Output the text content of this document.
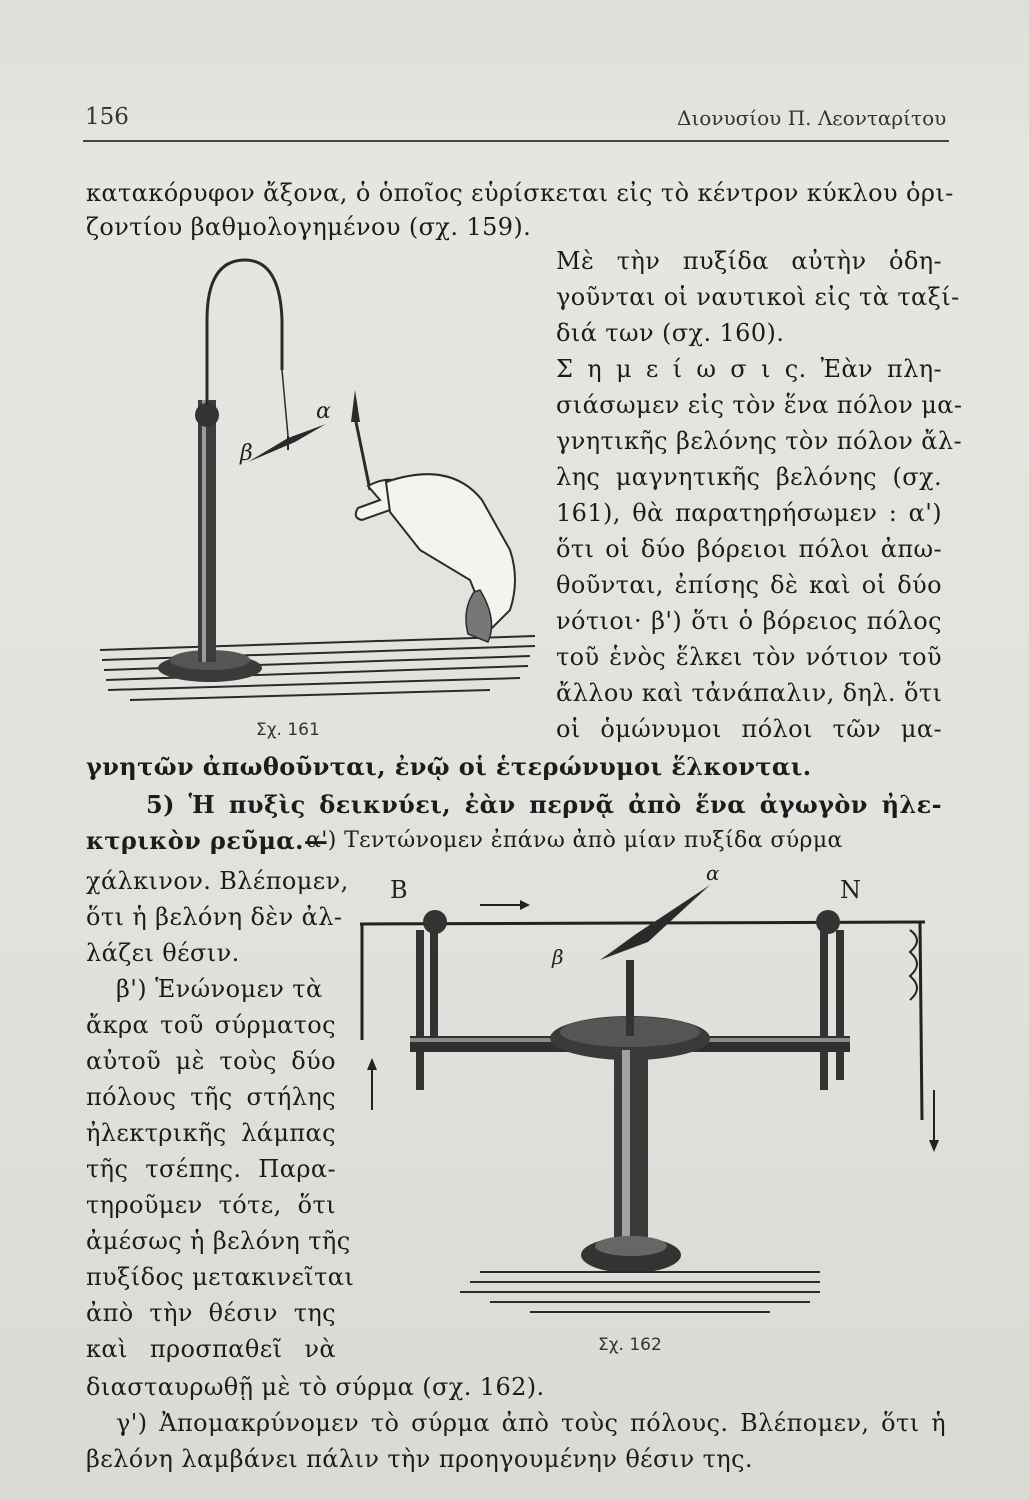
156	Διονυσίου Π. Λεονταρίτου
κατακόρυφον ἄξονα, ὁ ὁποῖος εὑρίσκεται εἰς τὸ κέντρον κύκλου ὁρι-
ζοντίου βαθμολογημένου (σχ. 159).
Μὲ τὴν πυξίδα αὐτὴν ὁδη-
γοῦνται οἱ ναυτικοὶ εἰς τὰ ταξί-
διά των (σχ. 160).
Σ η μ ε ί ω σ ι ς. Ἐὰν πλη-
σιάσωμεν εἰς τὸν ἕνα πόλον μα-
γνητικῆς βελόνης τὸν πόλον ἄλ-
λης μαγνητικῆς βελόνης (σχ.
161), θὰ παρατηρήσωμεν : α')
ὅτι οἱ δύο βόρειοι πόλοι ἀπω-
θοῦνται, ἐπίσης δὲ καὶ οἱ δύο
νότιοι· β') ὅτι ὁ βόρειος πόλος
τοῦ ἑνὸς ἕλκει τὸν νότιον τοῦ
ἄλλου καὶ τἀνάπαλιν, δηλ. ὅτι
οἱ ὁμώνυμοι πόλοι τῶν μα-
γνητῶν ἀπωθοῦνται, ἐνῷ οἱ ἑτερώνυμοι ἕλκονται.
5) Ἡ πυξὶς δεικνύει, ἐὰν περνᾷ ἀπὸ ἕνα ἀγωγὸν ἠλε-
κτρικὸν ρεῦμα.—
α') Τεντώνομεν ἐπάνω ἀπὸ μίαν πυξίδα σύρμα
χάλκινον. Βλέπομεν,
ὅτι ἡ βελόνη δὲν ἀλ-
λάζει θέσιν.
β') Ἑνώνομεν τὰ
ἄκρα τοῦ σύρματος
αὐτοῦ μὲ τοὺς δύο
πόλους τῆς στήλης
ἠλεκτρικῆς λάμπας
τῆς τσέπης. Παρα-
τηροῦμεν τότε, ὅτι
ἀμέσως ἡ βελόνη τῆς
πυξίδος μετακινεῖται
ἀπὸ τὴν θέσιν της
καὶ προσπαθεῖ νὰ
διασταυρωθῇ μὲ τὸ σύρμα (σχ. 162).
γ') Ἀπομακρύνομεν τὸ σύρμα ἀπὸ τοὺς πόλους. Βλέπομεν, ὅτι ἡ
βελόνη λαμβάνει πάλιν τὴν προηγουμένην θέσιν της.
α
β
Σχ. 161
Β	Ν
α
β
Σχ. 162
